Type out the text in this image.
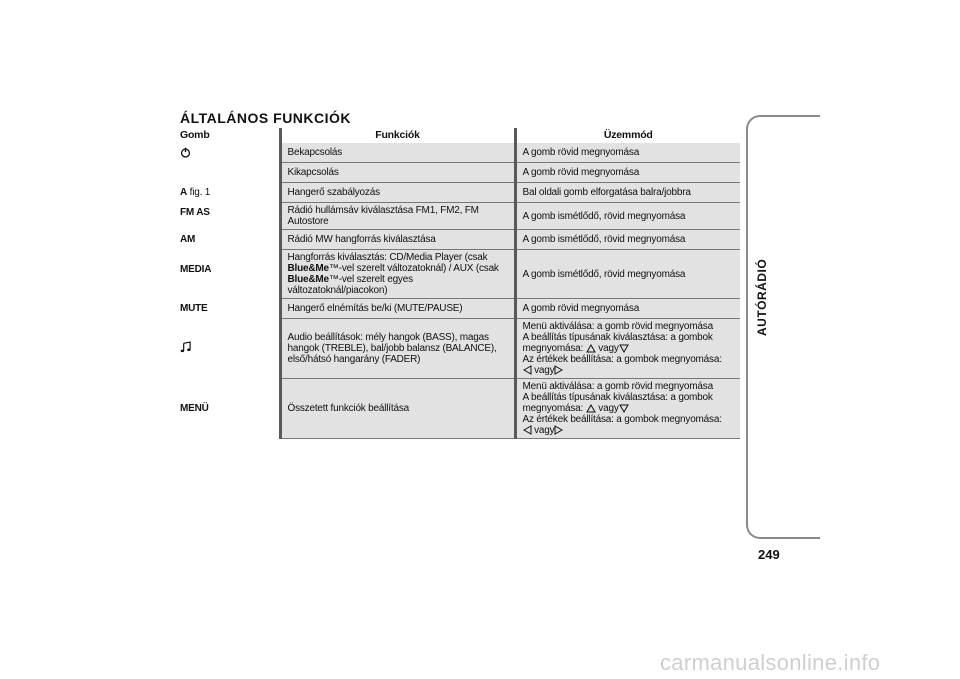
ÁLTALÁNOS FUNKCIÓK
Gomb	Funkciók	Üzemmód
	Bekapcsolás	A gomb rövid megnyomása
	Kikapcsolás	A gomb rövid megnyomása
A fig. 1	Hangerő szabályozás	Bal oldali gomb elforgatása balra/jobbra
FM AS	Rádió hullámsáv kiválasztása FM1, FM2, FM Autostore	A gomb ismétlődő, rövid megnyomása
AM	Rádió MW hangforrás kiválasztása	A gomb ismétlődő, rövid megnyomása
MEDIA	Hangforrás kiválasztás: CD/Media Player (csak
Blue&Me™-vel szerelt változatoknál) / AUX (csak
Blue&Me™-vel szerelt egyes változatoknál/piacokon)	A gomb ismétlődő, rövid megnyomása
MUTE	Hangerő elnémítás be/ki (MUTE/PAUSE)	A gomb rövid megnyomása
	Audio beállítások: mély hangok (BASS), magas hangok (TREBLE), bal/jobb balansz (BALANCE), első/hátsó hangarány (FADER)	Menü aktiválása: a gomb rövid megnyomása
A beállítás típusának kiválasztása: a gombok
megnyomása: vagy
Az értékek beállítása: a gombok megnyomása:
vagy

MENÜ	Összetett funkciók beállítása	Menü aktiválása: a gomb rövid megnyomása
A beállítás típusának kiválasztása: a gombok
megnyomása: vagy
Az értékek beállítása: a gombok megnyomása:
vagy
AUTÓRÁDIÓ
249
carmanualsonline.info
